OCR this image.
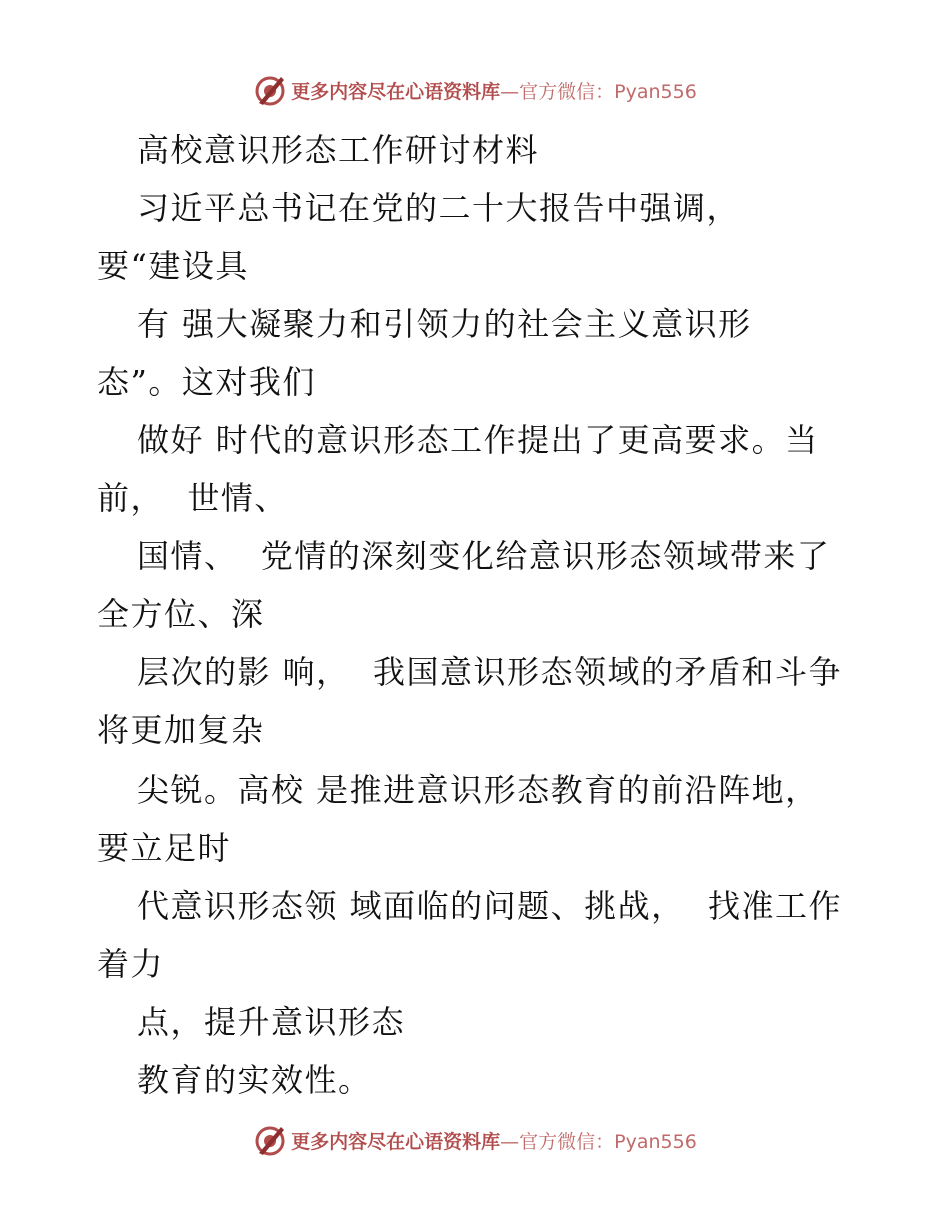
更多内容尽在心语资料库—官方微信：Pyan556
高校意识形态工作研讨材料
习近平总书记在党的二十大报告中强调，
要“建设具
有 强大凝聚力和引领力的社会主义意识形
态”。这对我们
做好 时代的意识形态工作提出了更高要求。当
前，  世情、
国情、  党情的深刻变化给意识形态领域带来了
全方位、深
层次的影 响，  我国意识形态领域的矛盾和斗争
将更加复杂
尖锐。高校 是推进意识形态教育的前沿阵地，
要立足时
代意识形态领 域面临的问题、挑战，  找准工作
着力
点，提升意识形态
教育的实效性。
更多内容尽在心语资料库—官方微信：Pyan556
